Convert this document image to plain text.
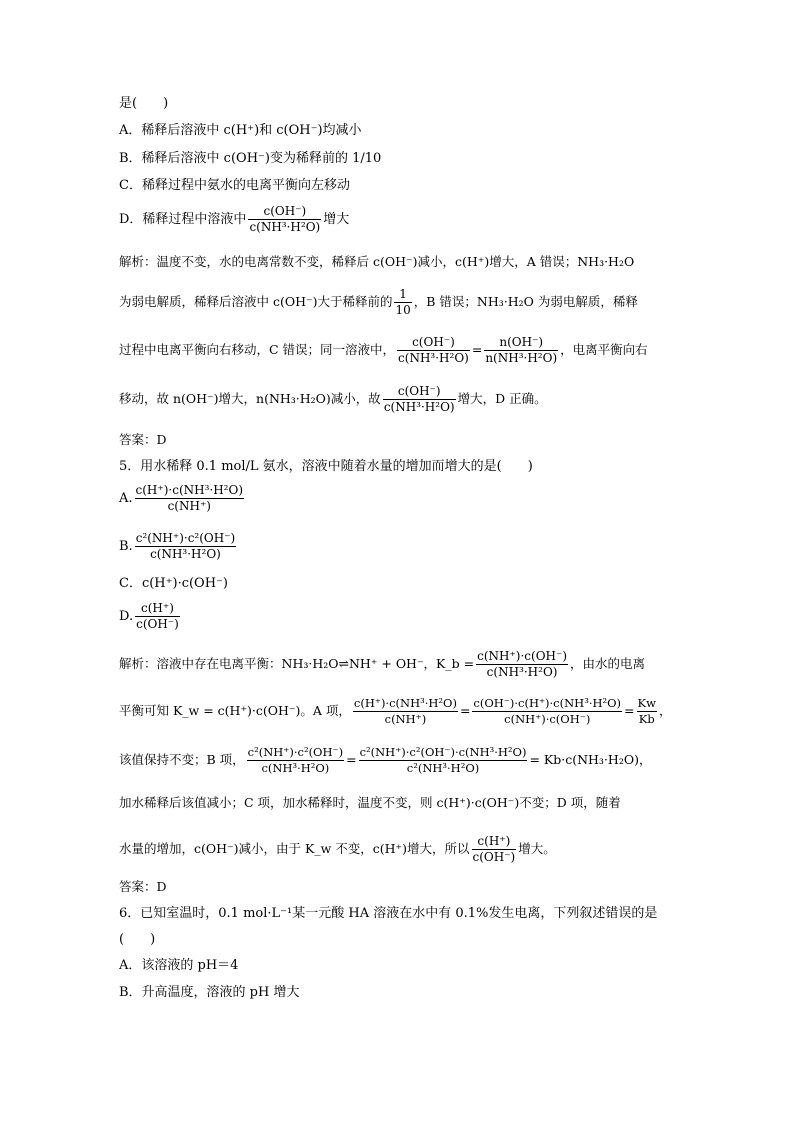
是(　　)
A．稀释后溶液中 c(H⁺)和 c(OH⁻)均减小
B．稀释后溶液中 c(OH⁻)变为稀释前的 1/10
C．稀释过程中氨水的电离平衡向左移动
D．稀释过程中溶液中 $\frac{c(OH^-)}{\text{c(NH³·H²O)}}$ 增大
解析：温度不变，水的电离常数不变，稀释后 c(OH⁻)减小，c(H⁺)增大，A 错误；NH₃·H₂O
为弱电解质，稀释后溶液中 c(OH⁻)大于稀释前的 $\frac{1}{10}$ ，B 错误；NH₃·H₂O 为弱电解质，稀释
过程中电离平衡向右移动，C 错误；同一溶液中， $\frac{c(OH^-)}{\text{c(NH³·H²O)}} = \frac{n(OH^-)}{\text{n(NH³·H²O)}}$ ，电离平衡向右
移动，故 n(OH⁻)增大，n(NH₃·H₂O)减小，故 $\frac{c(OH^-)}{\text{c(NH³·H²O)}}$ 增大，D 正确。
答案：D
5．用水稀释 0.1 mol/L 氨水，溶液中随着水量的增加而增大的是(　　)
A. $\frac{\text{c(H⁺)·c(NH³·H²O)}}{c(NH^+)}$
B. $\frac{\text{c²(NH⁺)·c²(OH⁻)}}{\text{c(NH³·H²O)}}$
C．c(H⁺)·c(OH⁻)
D. $\frac{c(H^+)}{c(OH^-)}$
解析：溶液中存在电离平衡：NH₃·H₂O⇌NH⁺ + OH⁻，K_b = $\frac{c(NH^+)\cdot c(OH^-)}{\text{c(NH³·H²O)}}$ ，由水的电离
平衡可知 K_w = c(H⁺)·c(OH⁻)。A 项， $\frac{\text{c(H⁺)·c(NH³·H²O)}}{c(NH^+)} = \frac{\text{c(OH⁻)·c(H⁺)·c(NH³·H²O)}}{c(NH^+)\cdot c(OH^-)} = \frac{Kw}{Kb}$ ，
该值保持不变；B 项， $\frac{\text{c²(NH⁺)·c²(OH⁻)}}{\text{c(NH³·H²O)}} = \frac{\text{c²(NH⁺)·c²(OH⁻)·c(NH³·H²O)}}{\text{c²(NH³·H²O)}} = Kb\cdot c(NH_3\cdot H_2O)$，
加水稀释后该值减小；C 项，加水稀释时，温度不变，则 c(H⁺)·c(OH⁻)不变；D 项，随着
水量的增加，c(OH⁻)减小，由于 K_w 不变，c(H⁺)增大，所以 $\frac{c(H^+)}{c(OH^-)}$ 增大。
答案：D
6．已知室温时，0.1 mol·L⁻¹某一元酸 HA 溶液在水中有 0.1%发生电离，下列叙述错误的是
(　　)
A．该溶液的 pH＝4
B．升高温度，溶液的 pH 增大
